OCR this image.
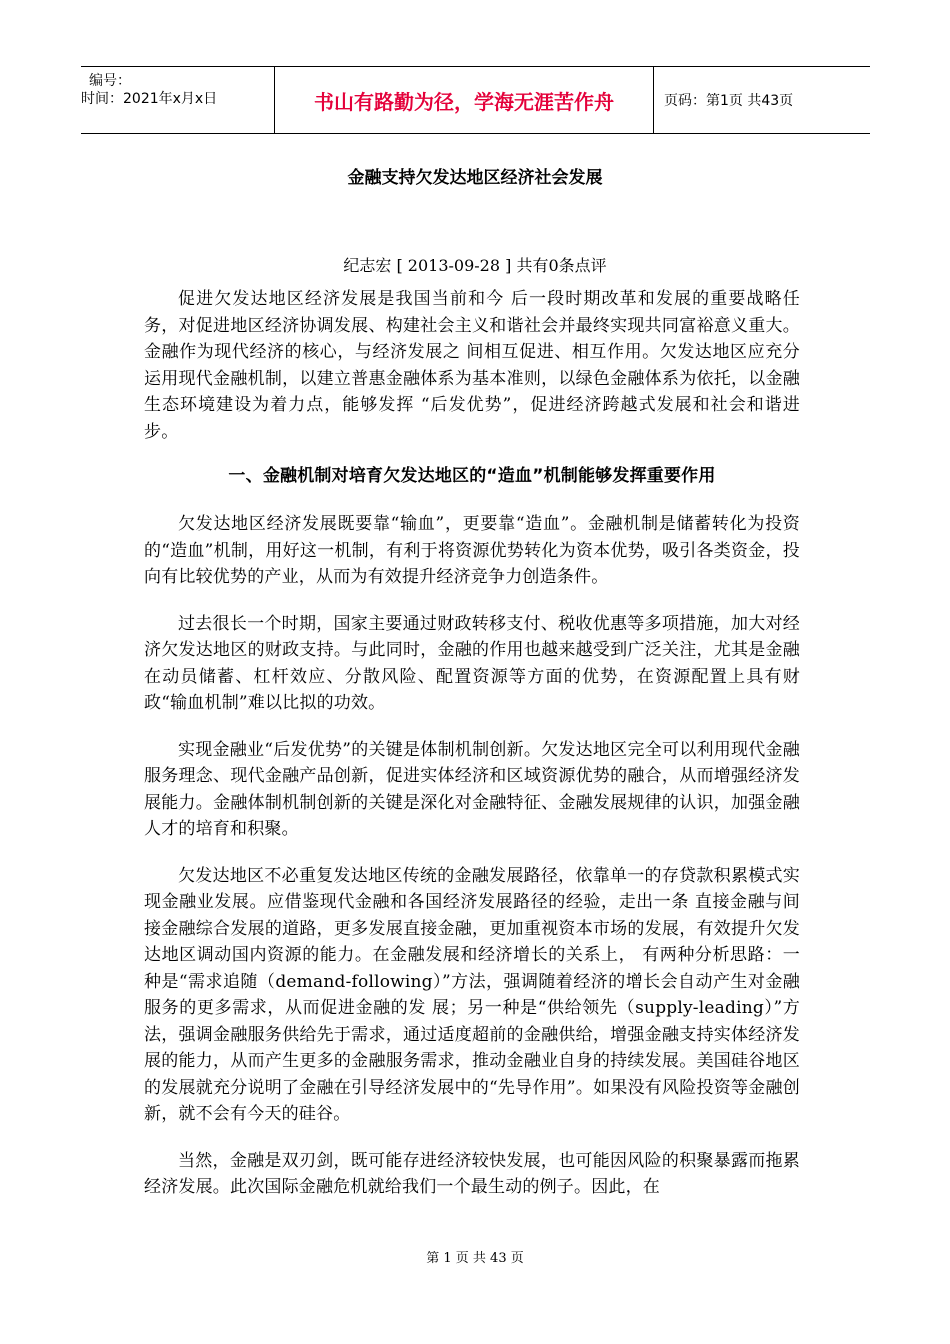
编号：
时间：2021年x月x日	书山有路勤为径，学海无涯苦作舟	页码：第1页 共43页
金融支持欠发达地区经济社会发展
纪志宏 [ 2013-09-28 ] 共有0条点评

促进欠发达地区经济发展是我国当前和今 后一段时期改革和发展的重要战略任务，对促进地区经济协调发展、构建社会主义和谐社会并最终实现共同富裕意义重大。金融作为现代经济的核心，与经济发展之 间相互促进、相互作用。欠发达地区应充分运用现代金融机制，以建立普惠金融体系为基本准则，以绿色金融体系为依托，以金融生态环境建设为着力点，能够发挥 “后发优势”，促进经济跨越式发展和社会和谐进步。

一、金融机制对培育欠发达地区的“造血”机制能够发挥重要作用

欠发达地区经济发展既要靠“输血”，更要靠“造血”。金融机制是储蓄转化为投资的“造血”机制，用好这一机制，有利于将资源优势转化为资本优势，吸引各类资金，投向有比较优势的产业，从而为有效提升经济竞争力创造条件。

过去很长一个时期，国家主要通过财政转移支付、税收优惠等多项措施，加大对经济欠发达地区的财政支持。与此同时，金融的作用也越来越受到广泛关注，尤其是金融在动员储蓄、杠杆效应、分散风险、配置资源等方面的优势，在资源配置上具有财政“输血机制”难以比拟的功效。

实现金融业“后发优势”的关键是体制机制创新。欠发达地区完全可以利用现代金融服务理念、现代金融产品创新，促进实体经济和区域资源优势的融合，从而增强经济发展能力。金融体制机制创新的关键是深化对金融特征、金融发展规律的认识，加强金融人才的培育和积聚。

欠发达地区不必重复发达地区传统的金融发展路径，依靠单一的存贷款积累模式实现金融业发展。应借鉴现代金融和各国经济发展路径的经验，走出一条 直接金融与间接金融综合发展的道路，更多发展直接金融，更加重视资本市场的发展，有效提升欠发达地区调动国内资源的能力。在金融发展和经济增长的关系上， 有两种分析思路：一种是“需求追随（demand-following）”方法，强调随着经济的增长会自动产生对金融服务的更多需求，从而促进金融的发 展；另一种是“供给领先（supply-leading）”方法，强调金融服务供给先于需求，通过适度超前的金融供给，增强金融支持实体经济发展的能力，从而产生更多的金融服务需求，推动金融业自身的持续发展。美国硅谷地区的发展就充分说明了金融在引导经济发展中的“先导作用”。如果没有风险投资等金融创 新，就不会有今天的硅谷。

当然，金融是双刃剑，既可能存进经济较快发展，也可能因风险的积聚暴露而拖累经济发展。此次国际金融危机就给我们一个最生动的例子。因此，在

第 1 页 共 43 页
